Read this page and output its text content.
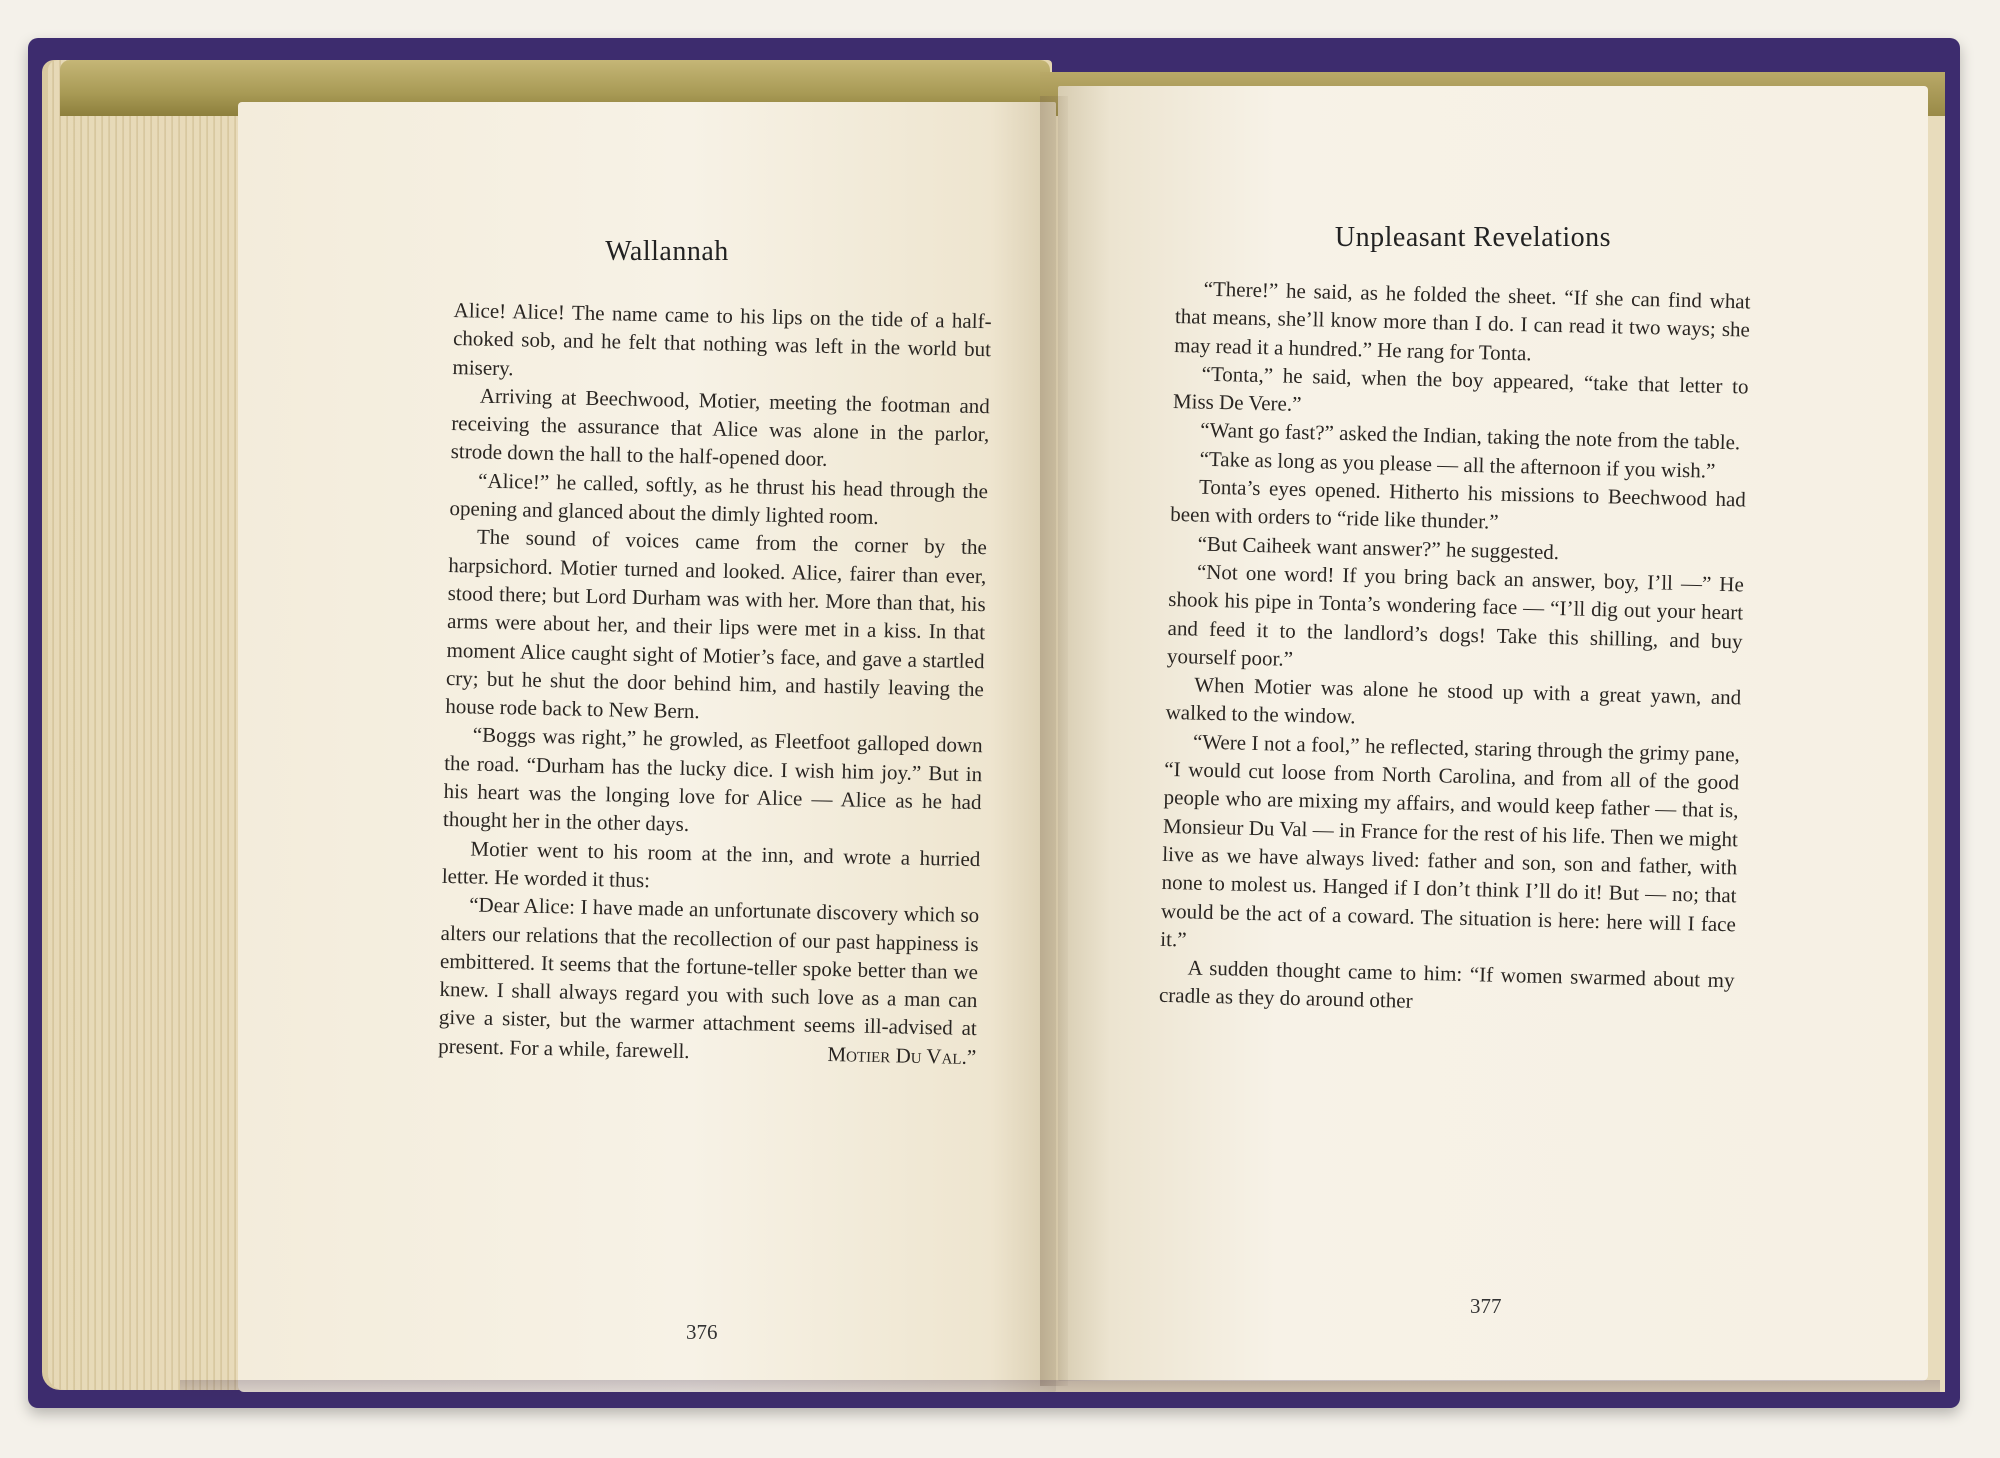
Wallannah

Alice! Alice! The name came to his lips on the tide of a half-choked sob, and he felt that nothing was left in the world but misery.

Arriving at Beechwood, Motier, meeting the footman and receiving the assurance that Alice was alone in the parlor, strode down the hall to the half-opened door.

“Alice!” he called, softly, as he thrust his head through the opening and glanced about the dimly lighted room.

The sound of voices came from the corner by the harpsichord. Motier turned and looked. Alice, fairer than ever, stood there; but Lord Durham was with her. More than that, his arms were about her, and their lips were met in a kiss. In that moment Alice caught sight of Motier’s face, and gave a startled cry; but he shut the door behind him, and hastily leaving the house rode back to New Bern.

“Boggs was right,” he growled, as Fleetfoot galloped down the road. “Durham has the lucky dice. I wish him joy.” But in his heart was the longing love for Alice — Alice as he had thought her in the other days.

Motier went to his room at the inn, and wrote a hurried letter. He worded it thus:

“Dear Alice: I have made an unfortunate discovery which so alters our relations that the recollection of our past happiness is embittered. It seems that the fortune-teller spoke better than we knew. I shall always regard you with such love as a man can give a sister, but the warmer attachment seems ill-advised at present. For a while, farewell.	Motier Du Val.”

376
Unpleasant Revelations

“There!” he said, as he folded the sheet. “If she can find what that means, she’ll know more than I do. I can read it two ways; she may read it a hundred.” He rang for Tonta.

“Tonta,” he said, when the boy appeared, “take that letter to Miss De Vere.”

“Want go fast?” asked the Indian, taking the note from the table.

“Take as long as you please — all the afternoon if you wish.”

Tonta’s eyes opened. Hitherto his missions to Beechwood had been with orders to “ride like thunder.”

“But Caiheek want answer?” he suggested.

“Not one word! If you bring back an answer, boy, I’ll —” He shook his pipe in Tonta’s wondering face — “I’ll dig out your heart and feed it to the landlord’s dogs! Take this shilling, and buy yourself poor.”

When Motier was alone he stood up with a great yawn, and walked to the window.

“Were I not a fool,” he reflected, staring through the grimy pane, “I would cut loose from North Carolina, and from all of the good people who are mixing my affairs, and would keep father — that is, Monsieur Du Val — in France for the rest of his life. Then we might live as we have always lived: father and son, son and father, with none to molest us. Hanged if I don’t think I’ll do it! But — no; that would be the act of a coward. The situation is here: here will I face it.”

A sudden thought came to him: “If women swarmed about my cradle as they do around other

377
